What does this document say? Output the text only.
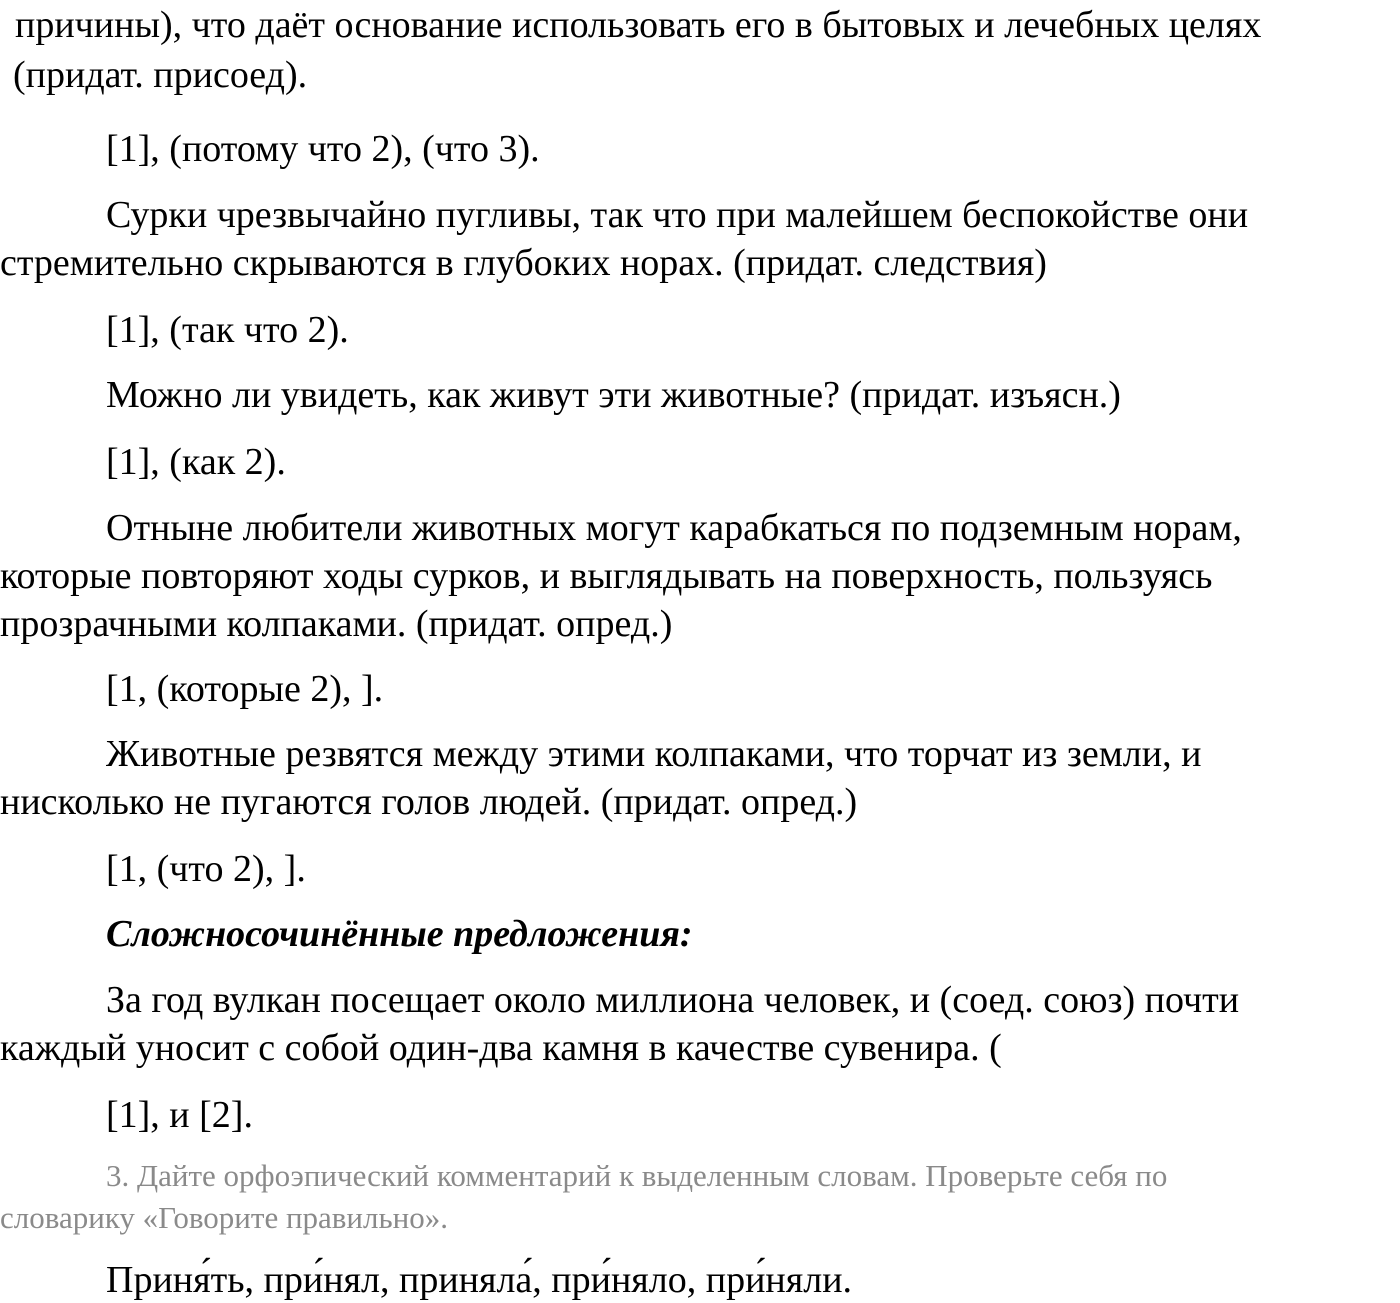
причины), что даёт основание использовать его в бытовых и лечебных целях
(придат. присоед).
[1], (потому что 2), (что 3).
Сурки чрезвычайно пугливы, так что при малейшем беспокойстве они
стремительно скрываются в глубоких норах. (придат. следствия)
[1], (так что 2).
Можно ли увидеть, как живут эти животные? (придат. изъясн.)
[1], (как 2).
Отныне любители животных могут карабкаться по подземным норам,
которые повторяют ходы сурков, и выглядывать на поверхность, пользуясь
прозрачными колпаками. (придат. опред.)
[1, (которые 2), ].
Животные резвятся между этими колпаками, что торчат из земли, и
нисколько не пугаются голов людей. (придат. опред.)
[1, (что 2), ].
Сложносочинённые предложения:
За год вулкан посещает около миллиона человек, и (соед. союз) почти
каждый уносит с собой один-два камня в качестве сувенира. (
[1], и [2].
3. Дайте орфоэпический комментарий к выделенным словам. Проверьте себя по
словарику «Говорите правильно».
Приня́ть, при́нял, приняла́, при́няло, при́няли.
